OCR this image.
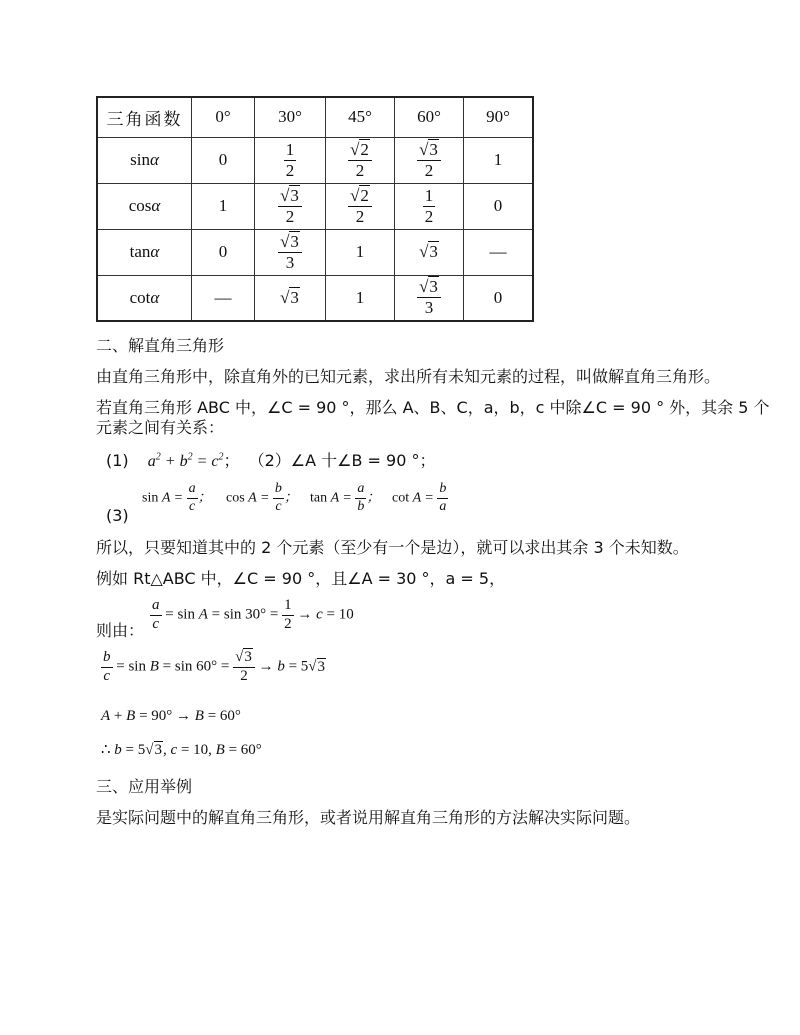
三角函数	0°	30°	45°	60°	90°
sinα	0	$\frac{1}{2}$	$\frac{√2}{2}$	$\frac{√3}{2}$	1
cosα	1	$\frac{√3}{2}$	$\frac{√2}{2}$	$\frac{1}{2}$	0
tanα	0	$\frac{√3}{3}$	1	√3	—
cotα	—	√3	1	$\frac{√3}{3}$	0
二、解直角三角形
由直角三角形中，除直角外的已知元素，求出所有未知元素的过程，叫做解直角三角形。
若直角三角形 ABC 中，∠C = 90 °，那么 A、B、C，a，b，c 中除∠C = 90 ° 外，其余 5 个
元素之间有关系：
(1) $a^2 + b^2 = c^2$； （2）∠A 十∠B = 90 °；
(3)
$\sin A = \frac{a}{c}$ ； $\cos A = \frac{b}{c}$ ； $\tan A = \frac{a}{b}$ ； $\cot A = \frac{b}{a}$
所以，只要知道其中的 2 个元素（至少有一个是边），就可以求出其余 3 个未知数。
例如 Rt△ABC 中，∠C = 90 °，且∠A = 30 °，a = 5，
则由： $\frac{a}{c} = \sin A = \sin 30^\circ = \frac{1}{2} \to c = 10$
$\frac{b}{c} = \sin B = \sin 60^\circ = \frac{√3}{2} \to b = 5√3$
A + B = 90° → B = 60°
∴ b = 5√3, c = 10, B = 60°
三、应用举例
是实际问题中的解直角三角形，或者说用解直角三角形的方法解决实际问题。
